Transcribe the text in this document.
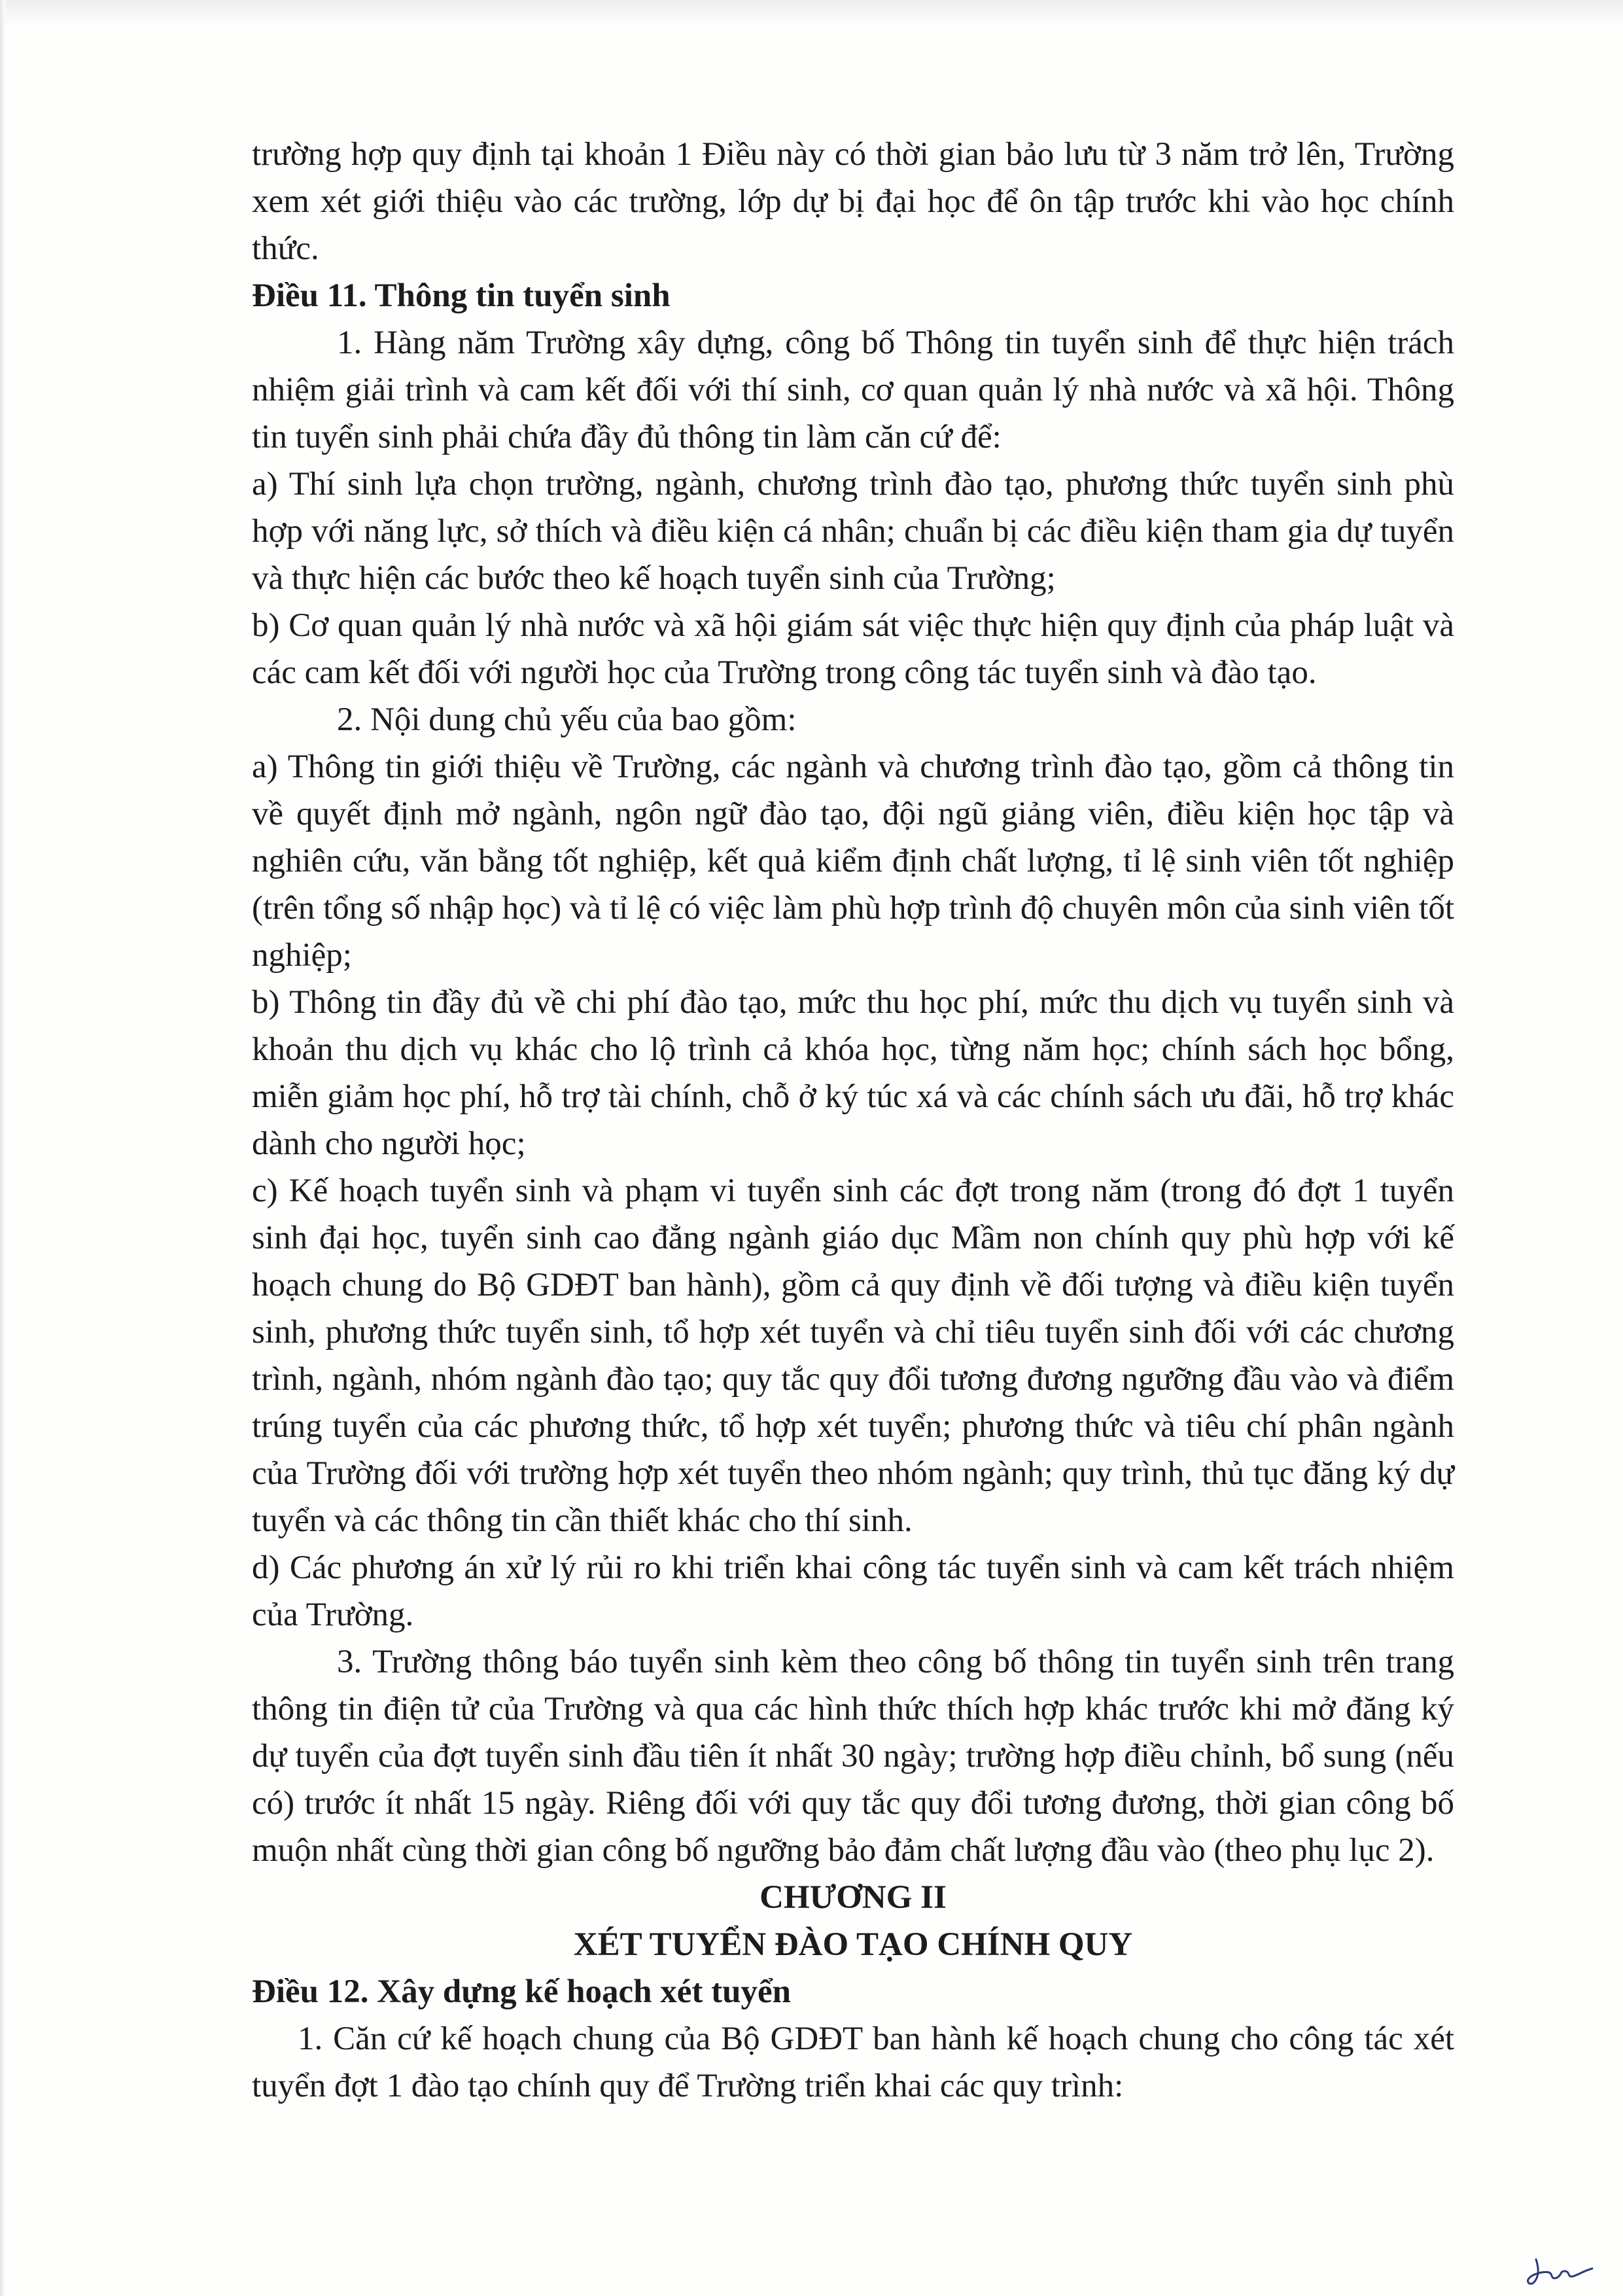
trường hợp quy định tại khoản 1 Điều này có thời gian bảo lưu từ 3 năm trở lên, Trường xem xét giới thiệu vào các trường, lớp dự bị đại học để ôn tập trước khi vào học chính thức.

Điều 11. Thông tin tuyển sinh

1. Hàng năm Trường xây dựng, công bố Thông tin tuyển sinh để thực hiện trách nhiệm giải trình và cam kết đối với thí sinh, cơ quan quản lý nhà nước và xã hội. Thông tin tuyển sinh phải chứa đầy đủ thông tin làm căn cứ để:

a) Thí sinh lựa chọn trường, ngành, chương trình đào tạo, phương thức tuyển sinh phù hợp với năng lực, sở thích và điều kiện cá nhân; chuẩn bị các điều kiện tham gia dự tuyển và thực hiện các bước theo kế hoạch tuyển sinh của Trường;

b) Cơ quan quản lý nhà nước và xã hội giám sát việc thực hiện quy định của pháp luật và các cam kết đối với người học của Trường trong công tác tuyển sinh và đào tạo.

2. Nội dung chủ yếu của bao gồm:

a) Thông tin giới thiệu về Trường, các ngành và chương trình đào tạo, gồm cả thông tin về quyết định mở ngành, ngôn ngữ đào tạo, đội ngũ giảng viên, điều kiện học tập và nghiên cứu, văn bằng tốt nghiệp, kết quả kiểm định chất lượng, tỉ lệ sinh viên tốt nghiệp (trên tổng số nhập học) và tỉ lệ có việc làm phù hợp trình độ chuyên môn của sinh viên tốt nghiệp;

b) Thông tin đầy đủ về chi phí đào tạo, mức thu học phí, mức thu dịch vụ tuyển sinh và khoản thu dịch vụ khác cho lộ trình cả khóa học, từng năm học; chính sách học bổng, miễn giảm học phí, hỗ trợ tài chính, chỗ ở ký túc xá và các chính sách ưu đãi, hỗ trợ khác dành cho người học;

c) Kế hoạch tuyển sinh và phạm vi tuyển sinh các đợt trong năm (trong đó đợt 1 tuyển sinh đại học, tuyển sinh cao đẳng ngành giáo dục Mầm non chính quy phù hợp với kế hoạch chung do Bộ GDĐT ban hành), gồm cả quy định về đối tượng và điều kiện tuyển sinh, phương thức tuyển sinh, tổ hợp xét tuyển và chỉ tiêu tuyển sinh đối với các chương trình, ngành, nhóm ngành đào tạo; quy tắc quy đổi tương đương ngưỡng đầu vào và điểm trúng tuyển của các phương thức, tổ hợp xét tuyển; phương thức và tiêu chí phân ngành của Trường đối với trường hợp xét tuyển theo nhóm ngành; quy trình, thủ tục đăng ký dự tuyển và các thông tin cần thiết khác cho thí sinh.

d) Các phương án xử lý rủi ro khi triển khai công tác tuyển sinh và cam kết trách nhiệm của Trường.

3. Trường thông báo tuyển sinh kèm theo công bố thông tin tuyển sinh trên trang thông tin điện tử của Trường và qua các hình thức thích hợp khác trước khi mở đăng ký dự tuyển của đợt tuyển sinh đầu tiên ít nhất 30 ngày; trường hợp điều chỉnh, bổ sung (nếu có) trước ít nhất 15 ngày. Riêng đối với quy tắc quy đổi tương đương, thời gian công bố muộn nhất cùng thời gian công bố ngưỡng bảo đảm chất lượng đầu vào (theo phụ lục 2).

CHƯƠNG II

XÉT TUYỂN ĐÀO TẠO CHÍNH QUY

Điều 12. Xây dựng kế hoạch xét tuyển

1. Căn cứ kế hoạch chung của Bộ GDĐT ban hành kế hoạch chung cho công tác xét tuyển đợt 1 đào tạo chính quy để Trường triển khai các quy trình:
